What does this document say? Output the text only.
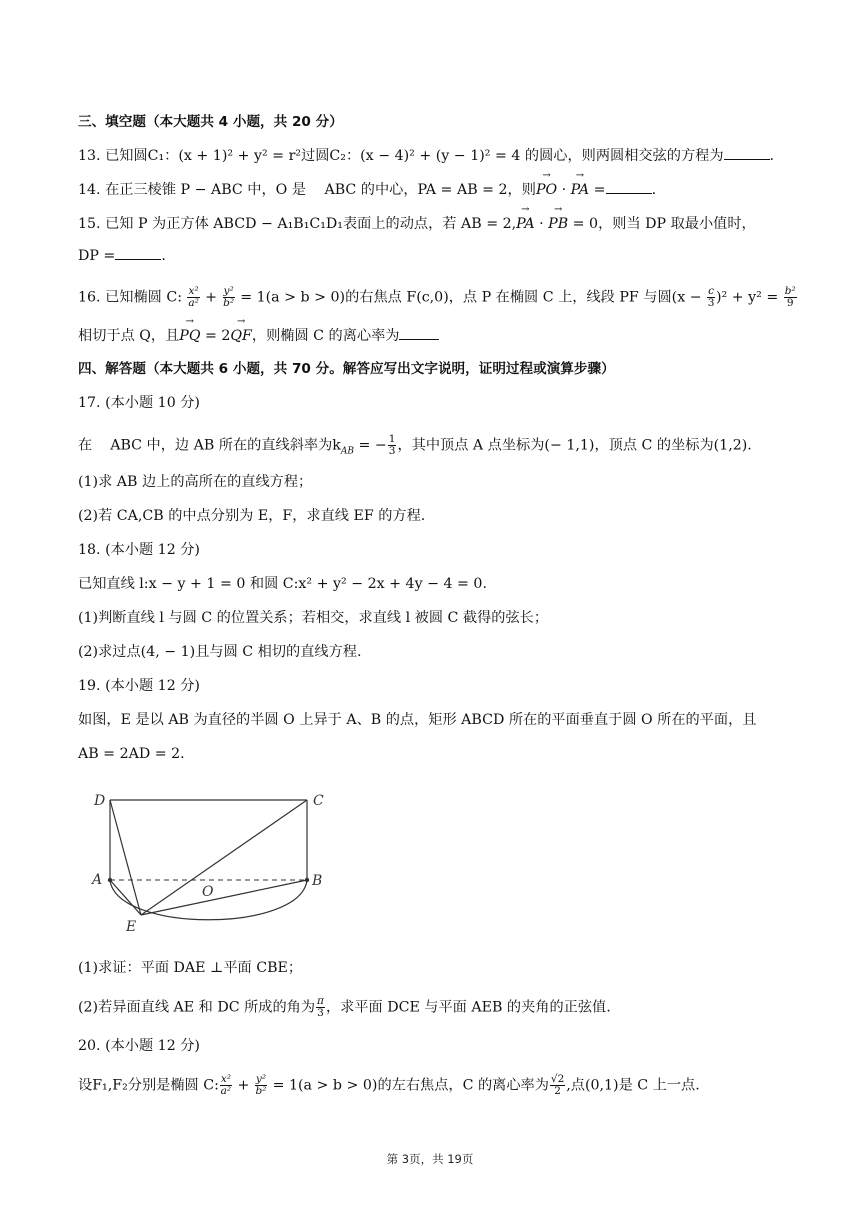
三、填空题（本大题共 4 小题，共 20 分）
13. 已知圆C₁：(x + 1)² + y² = r²过圆C₂：(x − 4)² + (y − 1)² = 4 的圆心，则两圆相交弦的方程为	.
14. 在正三棱锥 P − ABC 中，O 是 ABC 的中心，PA = AB = 2，则→ PO · → PA =	.
15. 已知 P 为正方体 ABCD − A₁B₁C₁D₁表面上的动点，若 AB = 2,→ PA · → PB = 0，则当 DP 取最小值时，
DP =	.
16. 已知椭圆 C: $\frac{\text{x²}}{\text{a²}} + \frac{\text{y²}}{\text{b²}} = 1(a > b > 0)$的右焦点 F(c,0)，点 P 在椭圆 C 上，线段 PF 与圆$(x - \frac{c}{3} )^2 + y^2 = \frac{\text{b²}}{9}$
相切于点 Q，且→ PQ = 2→ QF，则椭圆 C 的离心率为
四、解答题（本大题共 6 小题，共 70 分。解答应写出文字说明，证明过程或演算步骤）
17. (本小题 10 分)
在 ABC 中，边 AB 所在的直线斜率为$k_{AB}$ = − $\frac{1}{3}$ ，其中顶点 A 点坐标为(− 1,1)，顶点 C 的坐标为(1,2).
(1)求 AB 边上的高所在的直线方程；
(2)若 CA,CB 的中点分别为 E，F，求直线 EF 的方程.
18. (本小题 12 分)
已知直线 l:x − y + 1 = 0 和圆 C:x² + y² − 2x + 4y − 4 = 0.
(1)判断直线 l 与圆 C 的位置关系；若相交，求直线 l 被圆 C 截得的弦长；
(2)求过点(4, − 1)且与圆 C 相切的直线方程.
19. (本小题 12 分)
如图，E 是以 AB 为直径的半圆 O 上异于 A、B 的点，矩形 ABCD 所在的平面垂直于圆 O 所在的平面，且
AB = 2AD = 2.
D	C
A	B
O
E
(1)求证：平面 DAE ⊥平面 CBE；
(2)若异面直线 AE 和 DC 所成的角为 $\frac{\pi}{3}$ ，求平面 DCE 与平面 AEB 的夹角的正弦值.
20. (本小题 12 分)
设F₁,F₂分别是椭圆 C: $\frac{\text{x²}}{\text{a²}} + \frac{\text{y²}}{\text{b²}} = 1(a > b > 0)$的左右焦点，C 的离心率为 $\frac{√2}{2}$ ,点(0,1)是 C 上一点.
第 3页，共 19页
